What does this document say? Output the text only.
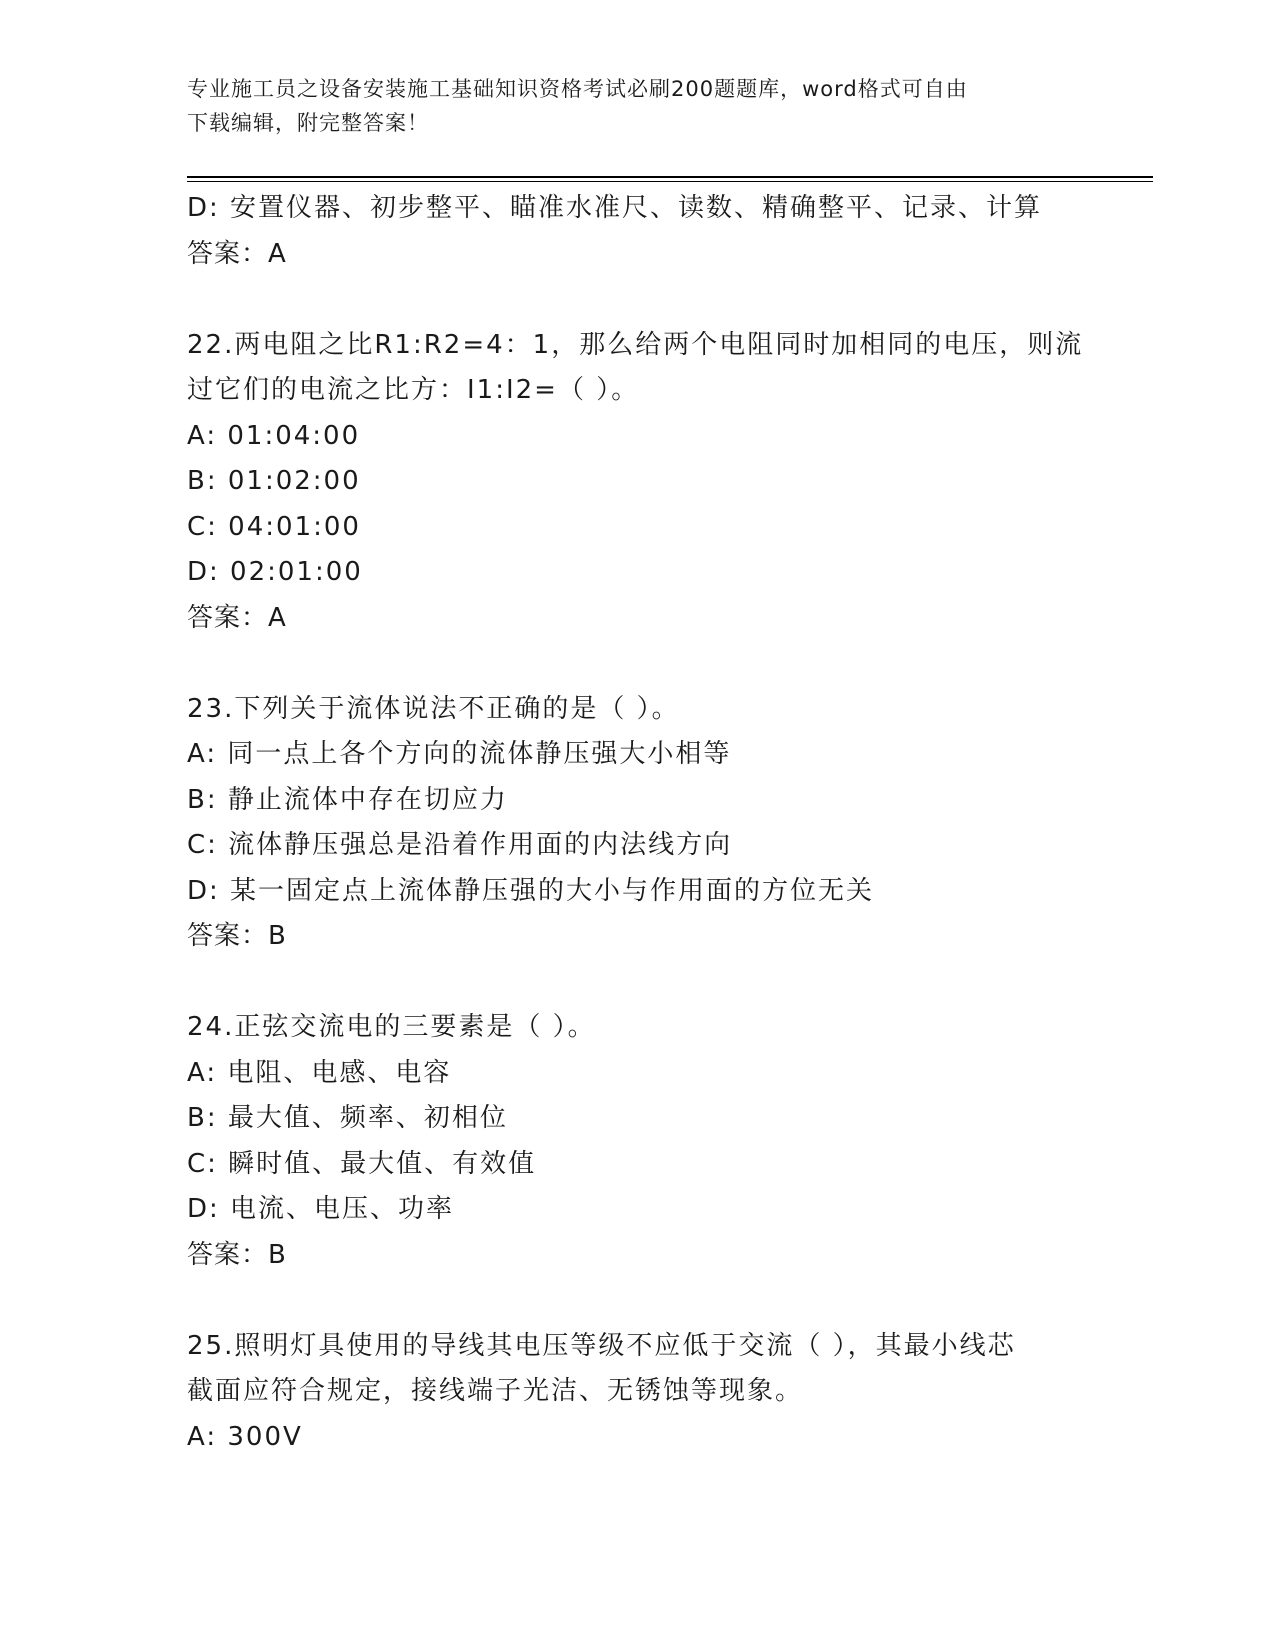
专业施工员之设备安装施工基础知识资格考试必刷200题题库，word格式可自由
下载编辑，附完整答案！
D: 安置仪器、初步整平、瞄准水准尺、读数、精确整平、记录、计算
答案：A
22.两电阻之比R1:R2=4：1，那么给两个电阻同时加相同的电压，则流
过它们的电流之比方：I1:I2=（ ）。
A: 01:04:00
B: 01:02:00
C: 04:01:00
D: 02:01:00
答案：A
23.下列关于流体说法不正确的是（ ）。
A: 同一点上各个方向的流体静压强大小相等
B: 静止流体中存在切应力
C: 流体静压强总是沿着作用面的内法线方向
D: 某一固定点上流体静压强的大小与作用面的方位无关
答案：B
24.正弦交流电的三要素是（ ）。
A: 电阻、电感、电容
B: 最大值、频率、初相位
C: 瞬时值、最大值、有效值
D: 电流、电压、功率
答案：B
25.照明灯具使用的导线其电压等级不应低于交流（ ），其最小线芯
截面应符合规定，接线端子光洁、无锈蚀等现象。
A: 300V
